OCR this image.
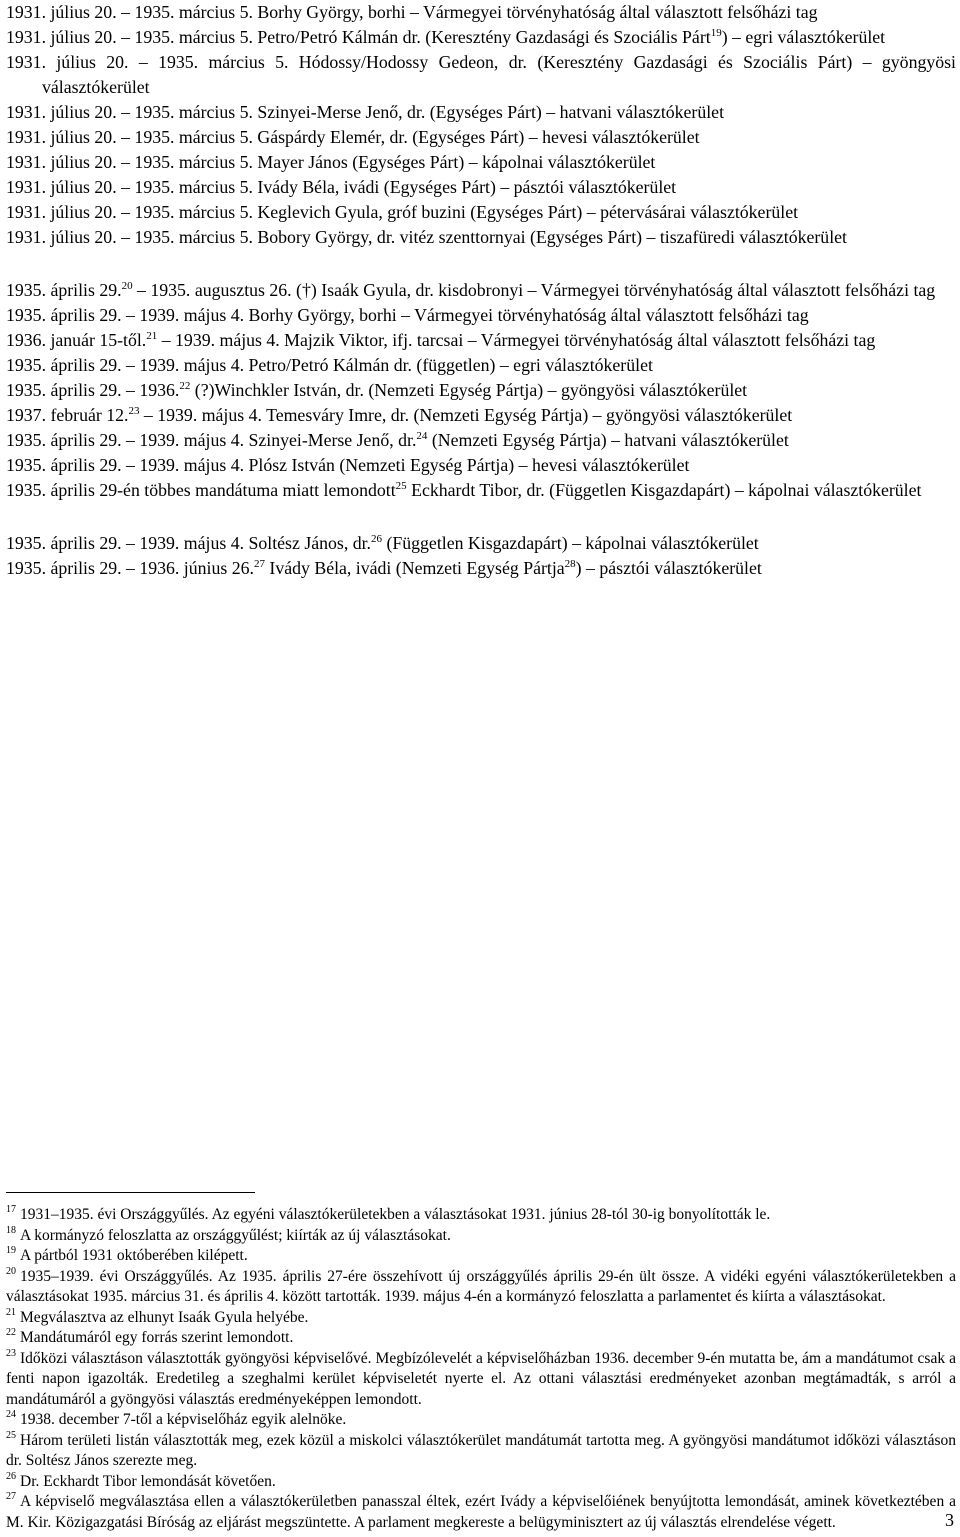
1931. július 20. – 1935. március 5. Borhy György, borhi – Vármegyei törvényhatóság által választott felsőházi tag

1931. július 20. – 1935. március 5. Petro/Petró Kálmán dr. (Keresztény Gazdasági és Szociális Párt$^{19}$) – egri választókerület

1931. július 20. – 1935. március 5. Hódossy/Hodossy Gedeon, dr. (Keresztény Gazdasági és Szociális Párt) – gyöngyösi választókerület

1931. július 20. – 1935. március 5. Szinyei-Merse Jenő, dr. (Egységes Párt) – hatvani választókerület

1931. július 20. – 1935. március 5. Gáspárdy Elemér, dr. (Egységes Párt) – hevesi választókerület

1931. július 20. – 1935. március 5. Mayer János (Egységes Párt) – kápolnai választókerület

1931. július 20. – 1935. március 5. Ivády Béla, ivádi (Egységes Párt) – pásztói választókerület

1931. július 20. – 1935. március 5. Keglevich Gyula, gróf buzini (Egységes Párt) – pétervásárai választókerület

1931. július 20. – 1935. március 5. Bobory György, dr. vitéz szenttornyai (Egységes Párt) – tiszafüredi választókerület

1935. április 29.20 – 1935. augusztus 26. (†) Isaák Gyula, dr. kisdobronyi – Vármegyei törvényhatóság által választott felsőházi tag

1935. április 29. – 1939. május 4. Borhy György, borhi – Vármegyei törvényhatóság által választott felsőházi tag

1936. január 15-től.$^{21}$ – 1939. május 4. Majzik Viktor, ifj. tarcsai – Vármegyei törvényhatóság által választott felsőházi tag

1935. április 29. – 1939. május 4. Petro/Petró Kálmán dr. (független) – egri választókerület

1935. április 29. – 1936.22 (?)Winchkler István, dr. (Nemzeti Egység Pártja) – gyöngyösi választókerület

1937. február 12.23 – 1939. május 4. Temesváry Imre, dr. (Nemzeti Egység Pártja) – gyöngyösi választókerület

1935. április 29. – 1939. május 4. Szinyei-Merse Jenő, dr.$^{24}$ (Nemzeti Egység Pártja) – hatvani választókerület

1935. április 29. – 1939. május 4. Plósz István (Nemzeti Egység Pártja) – hevesi választókerület

1935. április 29-én többes mandátuma miatt lemondott$^{25}$ Eckhardt Tibor, dr. (Független Kisgazdapárt) – kápolnai választókerület

1935. április 29. – 1939. május 4. Soltész János, dr.$^{26}$ (Független Kisgazdapárt) – kápolnai választókerület

1935. április 29. – 1936. június 26.27 Ivády Béla, ivádi (Nemzeti Egység Pártja$^{28}$) – pásztói választókerület

$^{17}$ 1931–1935. évi Országgyűlés. Az egyéni választókerületekben a választásokat 1931. június 28-tól 30-ig bonyolították le.

$^{18}$ A kormányzó feloszlatta az országgyűlést; kiírták az új választásokat.

$^{19}$ A pártból 1931 októberében kilépett.

$^{20}$ 1935–1939. évi Országgyűlés. Az 1935. április 27-ére összehívott új országgyűlés április 29-én ült össze. A vidéki egyéni választókerületekben a választásokat 1935. március 31. és április 4. között tartották. 1939. május 4-én a kormányzó feloszlatta a parlamentet és kiírta a választásokat.

$^{21}$ Megválasztva az elhunyt Isaák Gyula helyébe.

$^{22}$ Mandátumáról egy forrás szerint lemondott.

$^{23}$ Időközi választáson választották gyöngyösi képviselővé. Megbízólevelét a képviselőházban 1936. december 9-én mutatta be, ám a mandátumot csak a fenti napon igazolták. Eredetileg a szeghalmi kerület képviseletét nyerte el. Az ottani választási eredményeket azonban megtámadták, s arról a mandátumáról a gyöngyösi választás eredményeképpen lemondott.

$^{24}$ 1938. december 7-től a képviselőház egyik alelnöke.

$^{25}$ Három területi listán választották meg, ezek közül a miskolci választókerület mandátumát tartotta meg. A gyöngyösi mandátumot időközi választáson dr. Soltész János szerezte meg.

$^{26}$ Dr. Eckhardt Tibor lemondását követően.

$^{27}$ A képviselő megválasztása ellen a választókerületben panasszal éltek, ezért Ivády a képviselőiének benyújtotta lemondását, aminek következtében a M. Kir. Közigazgatási Bíróság az eljárást megszüntette. A parlament megkereste a belügyminisztert az új választás elrendelése végett.	3
